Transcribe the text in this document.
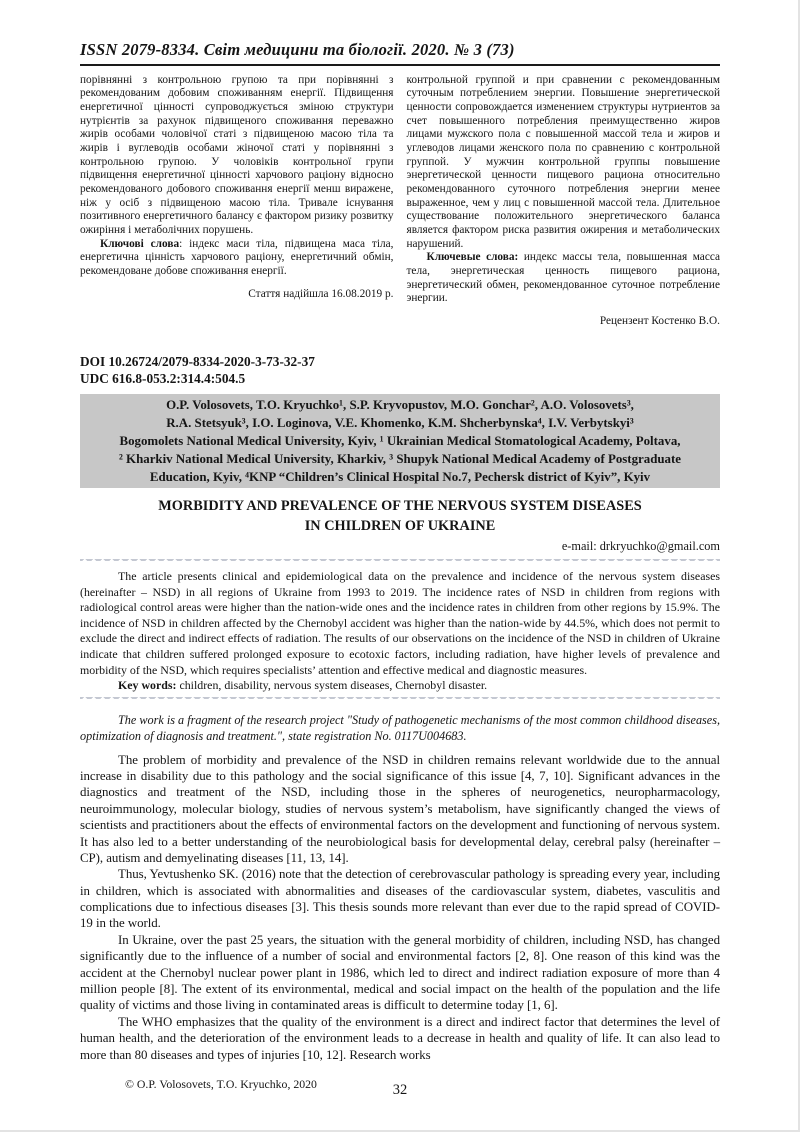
ISSN 2079-8334. Світ медицини та біології. 2020. № 3 (73)

порівнянні з контрольною групою та при порівнянні з рекомендованим добовим споживанням енергії. Підвищення енергетичної цінності супроводжується зміною структури нутрієнтів за рахунок підвищеного споживання переважно жирів особами чоловічої статі з підвищеною масою тіла та жирів і вуглеводів особами жіночої статі у порівнянні з контрольною групою. У чоловіків контрольної групи підвищення енергетичної цінності харчового раціону відносно рекомендованого добового споживання енергії менш виражене, ніж у осіб з підвищеною масою тіла. Тривале існування позитивного енергетичного балансу є фактором ризику розвитку ожиріння і метаболічних порушень.

Ключові слова: індекс маси тіла, підвищена маса тіла, енергетична цінність харчового раціону, енергетичний обмін, рекомендоване добове споживання енергії.

Стаття надійшла 16.08.2019 р.

контрольной группой и при сравнении с рекомендованным суточным потреблением энергии. Повышение энергетической ценности сопровождается изменением структуры нутриентов за счет повышенного потребления преимущественно жиров лицами мужского пола с повышенной массой тела и жиров и углеводов лицами женского пола по сравнению с контрольной группой. У мужчин контрольной группы повышение энергетической ценности пищевого рациона относительно рекомендованного суточного потребления энергии менее выраженное, чем у лиц с повышенной массой тела. Длительное существование положительного энергетического баланса является фактором риска развития ожирения и метаболических нарушений.

Ключевые слова: индекс массы тела, повышенная масса тела, энергетическая ценность пищевого рациона, энергетический обмен, рекомендованное суточное потребление энергии.

Рецензент Костенко В.О.

DOI 10.26724/2079-8334-2020-3-73-32-37
UDC 616.8-053.2:314.4:504.5
O.P. Volosovets, T.O. Kryuchko¹, S.P. Kryvopustov, M.O. Gonchar², A.O. Volosovets³,
R.A. Stetsyuk³, I.O. Loginova, V.E. Khomenko, K.M. Shcherbynska⁴, I.V. Verbytskyi³
Bogomolets National Medical University, Kyiv, ¹ Ukrainian Medical Stomatological Academy, Poltava,
² Kharkiv National Medical University, Kharkiv, ³ Shupyk National Medical Academy of Postgraduate
Education, Kyiv, ⁴KNP “Children’s Clinical Hospital No.7, Pechersk district of Kyiv”, Kyiv
MORBIDITY AND PREVALENCE OF THE NERVOUS SYSTEM DISEASES
IN CHILDREN OF UKRAINE
e-mail: drkryuchko@gmail.com

The article presents clinical and epidemiological data on the prevalence and incidence of the nervous system diseases (hereinafter – NSD) in all regions of Ukraine from 1993 to 2019. The incidence rates of NSD in children from regions with radiological control areas were higher than the nation-wide ones and the incidence rates in children from other regions by 15.9%. The incidence of NSD in children affected by the Chernobyl accident was higher than the nation-wide by 44.5%, which does not permit to exclude the direct and indirect effects of radiation. The results of our observations on the incidence of the NSD in children of Ukraine indicate that children suffered prolonged exposure to ecotoxic factors, including radiation, have higher levels of prevalence and morbidity of the NSD, which requires specialists’ attention and effective medical and diagnostic measures.

Key words: children, disability, nervous system diseases, Chernobyl disaster.

The work is a fragment of the research project "Study of pathogenetic mechanisms of the most common childhood diseases, optimization of diagnosis and treatment.", state registration No. 0117U004683.

The problem of morbidity and prevalence of the NSD in children remains relevant worldwide due to the annual increase in disability due to this pathology and the social significance of this issue [4, 7, 10]. Significant advances in the diagnostics and treatment of the NSD, including those in the spheres of neurogenetics, neuropharmacology, neuroimmunology, molecular biology, studies of nervous system’s metabolism, have significantly changed the views of scientists and practitioners about the effects of environmental factors on the development and functioning of nervous system. It has also led to a better understanding of the neurobiological basis for developmental delay, cerebral palsy (hereinafter – CP), autism and demyelinating diseases [11, 13, 14].

Thus, Yevtushenko SK. (2016) note that the detection of cerebrovascular pathology is spreading every year, including in children, which is associated with abnormalities and diseases of the cardiovascular system, diabetes, vasculitis and complications due to infectious diseases [3]. This thesis sounds more relevant than ever due to the rapid spread of COVID-19 in the world.

In Ukraine, over the past 25 years, the situation with the general morbidity of children, including NSD, has changed significantly due to the influence of a number of social and environmental factors [2, 8]. One reason of this kind was the accident at the Chernobyl nuclear power plant in 1986, which led to direct and indirect radiation exposure of more than 4 million people [8]. The extent of its environmental, medical and social impact on the health of the population and the life quality of victims and those living in contaminated areas is difficult to determine today [1, 6].

The WHO emphasizes that the quality of the environment is a direct and indirect factor that determines the level of human health, and the deterioration of the environment leads to a decrease in health and quality of life. It can also lead to more than 80 diseases and types of injuries [10, 12]. Research works

© O.P. Volosovets, T.O. Kryuchko, 2020	32
